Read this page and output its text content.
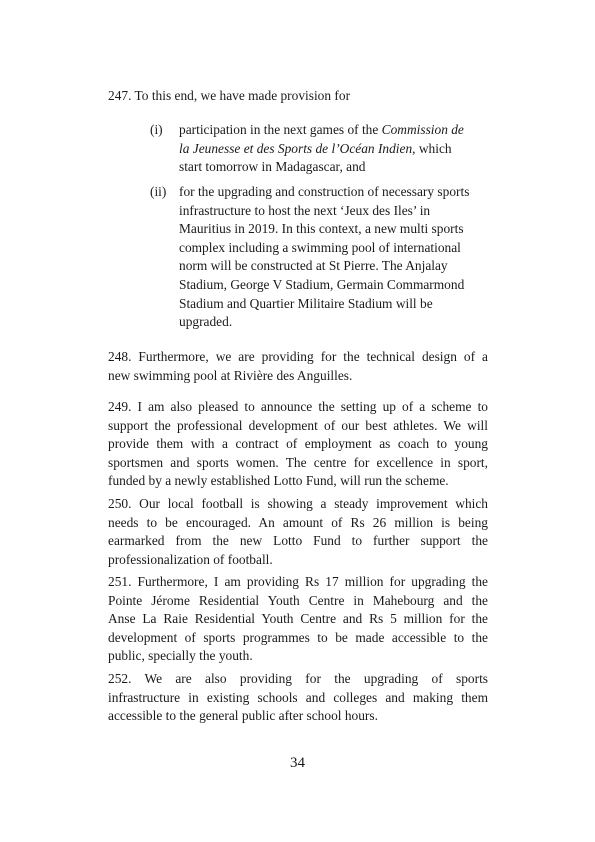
247. To this end, we have made provision for
(i) participation in the next games of the Commission de
la Jeunesse et des Sports de l’Océan Indien, which
start tomorrow in Madagascar, and
(ii) for the upgrading and construction of necessary sports
infrastructure to host the next ‘Jeux des Iles’ in
Mauritius in 2019. In this context, a new multi sports
complex including a swimming pool of international
norm will be constructed at St Pierre. The Anjalay
Stadium, George V Stadium, Germain Commarmond
Stadium and Quartier Militaire Stadium will be
upgraded.
248. Furthermore, we are providing for the technical design of a
new swimming pool at Rivière des Anguilles.
249. I am also pleased to announce the setting up of a scheme to
support the professional development of our best athletes. We will
provide them with a contract of employment as coach to young
sportsmen and sports women. The centre for excellence in sport,
funded by a newly established Lotto Fund, will run the scheme.
250. Our local football is showing a steady improvement which
needs to be encouraged. An amount of Rs 26 million is being
earmarked from the new Lotto Fund to further support the
professionalization of football.
251. Furthermore, I am providing Rs 17 million for upgrading the
Pointe Jérome Residential Youth Centre in Mahebourg and the
Anse La Raie Residential Youth Centre and Rs 5 million for the
development of sports programmes to be made accessible to the
public, specially the youth.
252. We are also providing for the upgrading of sports
infrastructure in existing schools and colleges and making them
accessible to the general public after school hours.
34
